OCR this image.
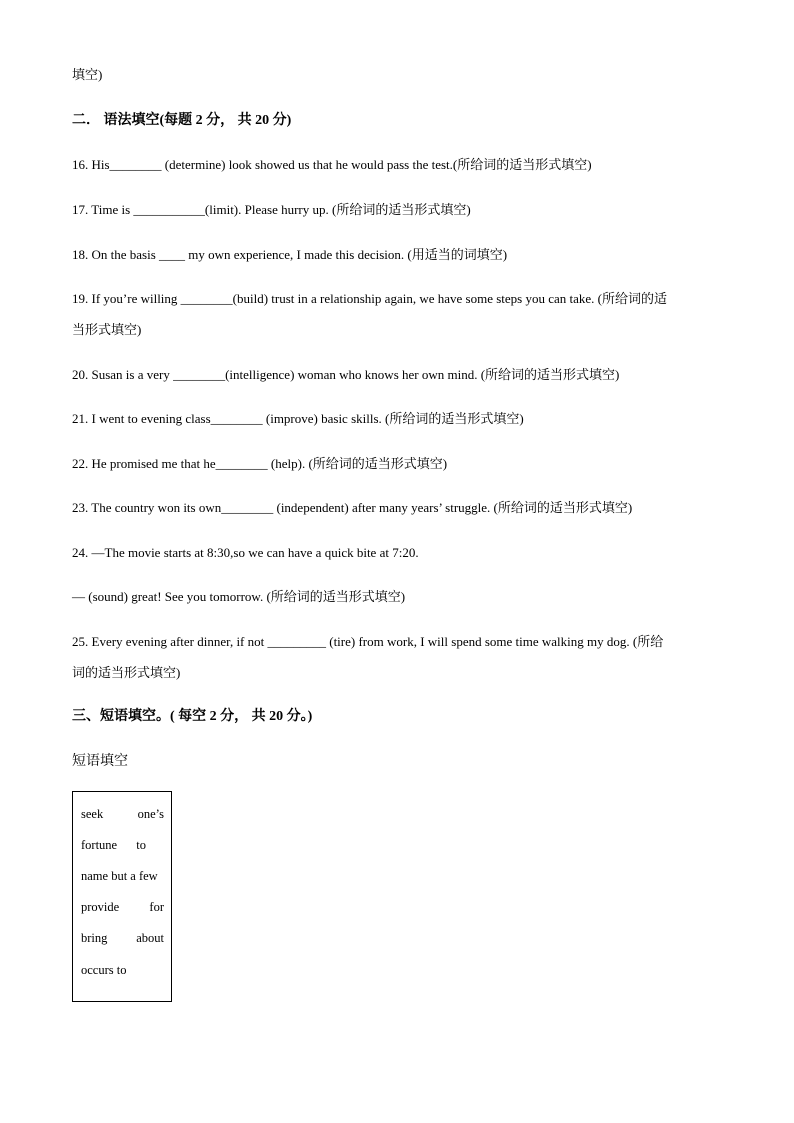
填空)
二． 语法填空(每题 2 分， 共 20 分)
16. His________ (determine) look showed us that he would pass the test.(所给词的适当形式填空)
17. Time is ___________(limit). Please hurry up. (所给词的适当形式填空)
18. On the basis ____ my own experience, I made this decision. (用适当的词填空)
19. If you’re willing ________(build) trust in a relationship again, we have some steps you can take. (所给词的适
当形式填空)
20. Susan is a very ________(intelligence) woman who knows her own mind. (所给词的适当形式填空)
21. I went to evening class________ (improve) basic skills. (所给词的适当形式填空)
22. He promised me that he________ (help). (所给词的适当形式填空)
23. The country won its own________ (independent) after many years’ struggle. (所给词的适当形式填空)
24. —The movie starts at 8:30,so we can have a quick bite at 7:20.
— (sound) great! See you tomorrow. (所给词的适当形式填空)
25. Every evening after dinner, if not _________ (tire) from work, I will spend some time walking my dog. (所给
词的适当形式填空)
三、短语填空。( 每空 2 分， 共 20 分。)
短语填空
seek	one’s
fortune to
name but a few
provide for
bring about
occurs to
